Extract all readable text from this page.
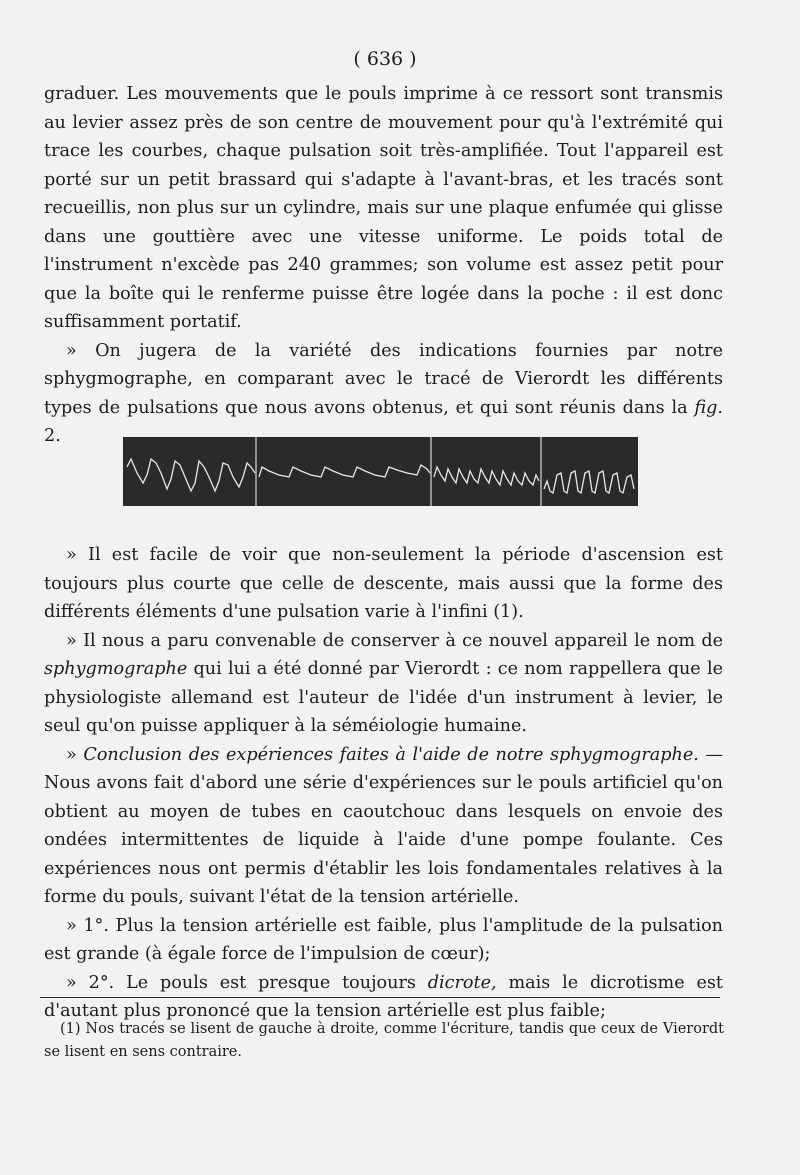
( 636 )

graduer. Les mouvements que le pouls imprime à ce ressort sont transmis au levier assez près de son centre de mouvement pour qu'à l'extrémité qui trace les courbes, chaque pulsation soit très-amplifiée. Tout l'appareil est porté sur un petit brassard qui s'adapte à l'avant-bras, et les tracés sont recueillis, non plus sur un cylindre, mais sur une plaque enfumée qui glisse dans une gouttière avec une vitesse uniforme. Le poids total de l'instrument n'excède pas 240 grammes; son volume est assez petit pour que la boîte qui le renferme puisse être logée dans la poche : il est donc suffisamment portatif.

» On jugera de la variété des indications fournies par notre sphygmographe, en comparant avec le tracé de Vierordt les différents types de pulsations que nous avons obtenus, et qui sont réunis dans la fig. 2.

» Il est facile de voir que non-seulement la période d'ascension est toujours plus courte que celle de descente, mais aussi que la forme des différents éléments d'une pulsation varie à l'infini (1).

» Il nous a paru convenable de conserver à ce nouvel appareil le nom de sphygmographe qui lui a été donné par Vierordt : ce nom rappellera que le physiologiste allemand est l'auteur de l'idée d'un instrument à levier, le seul qu'on puisse appliquer à la séméiologie humaine.

» Conclusion des expériences faites à l'aide de notre sphygmographe. — Nous avons fait d'abord une série d'expériences sur le pouls artificiel qu'on obtient au moyen de tubes en caoutchouc dans lesquels on envoie des ondées intermittentes de liquide à l'aide d'une pompe foulante. Ces expériences nous ont permis d'établir les lois fondamentales relatives à la forme du pouls, suivant l'état de la tension artérielle.

» 1°. Plus la tension artérielle est faible, plus l'amplitude de la pulsation est grande (à égale force de l'impulsion de cœur);

» 2°. Le pouls est presque toujours dicrote, mais le dicrotisme est d'autant plus prononcé que la tension artérielle est plus faible;

(1) Nos tracés se lisent de gauche à droite, comme l'écriture, tandis que ceux de Vierordt se lisent en sens contraire.
